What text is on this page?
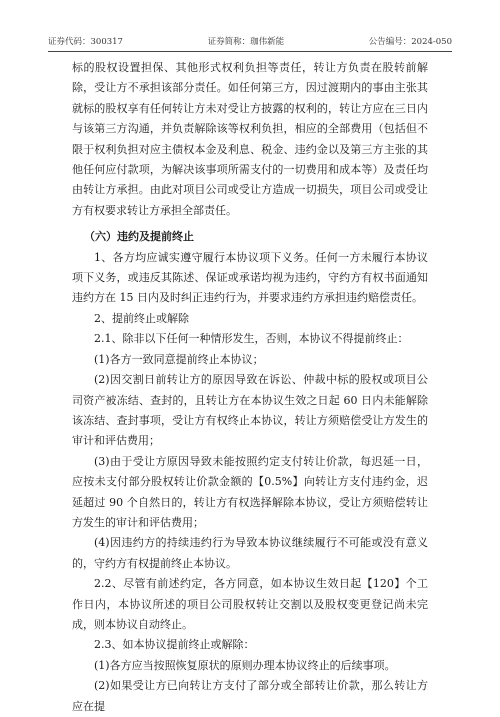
证券代码：300317	证券简称：珈伟新能	公告编号：2024-050

标的股权设置担保、其他形式权利负担等责任，转让方负责在股转前解除，受让方不承担该部分责任。如任何第三方，因过渡期内的事由主张其就标的股权享有任何转让方未对受让方披露的权利的，转让方应在三日内与该第三方沟通，并负责解除该等权利负担，相应的全部费用（包括但不限于权利负担对应主债权本金及利息、税金、违约金以及第三方主张的其他任何应付款项，为解决该事项所需支付的一切费用和成本等）及责任均由转让方承担。由此对项目公司或受让方造成一切损失，项目公司或受让方有权要求转让方承担全部责任。

（六）违约及提前终止

1、各方均应诚实遵守履行本协议项下义务。任何一方未履行本协议项下义务，或违反其陈述、保证或承诺均视为违约，守约方有权书面通知违约方在 15 日内及时纠正违约行为，并要求违约方承担违约赔偿责任。

2、提前终止或解除

2.1、除非以下任何一种情形发生，否则，本协议不得提前终止：

(1)各方一致同意提前终止本协议；

(2)因交割日前转让方的原因导致在诉讼、仲裁中标的股权或项目公司资产被冻结、查封的，且转让方在本协议生效之日起 60 日内未能解除该冻结、查封事项，受让方有权终止本协议，转让方须赔偿受让方发生的审计和评估费用；

(3)由于受让方原因导致未能按照约定支付转让价款，每迟延一日，应按未支付部分股权转让价款金额的【0.5%】向转让方支付违约金，迟延超过 90 个自然日的，转让方有权选择解除本协议，受让方须赔偿转让方发生的审计和评估费用；

(4)因违约方的持续违约行为导致本协议继续履行不可能或没有意义的，守约方有权提前终止本协议。

2.2、尽管有前述约定，各方同意，如本协议生效日起【120】个工作日内，本协议所述的项目公司股权转让交割以及股权变更登记尚未完成，则本协议自动终止。

2.3、如本协议提前终止或解除：

(1)各方应当按照恢复原状的原则办理本协议终止的后续事项。

(2)如果受让方已向转让方支付了部分或全部转让价款，那么转让方应在提
